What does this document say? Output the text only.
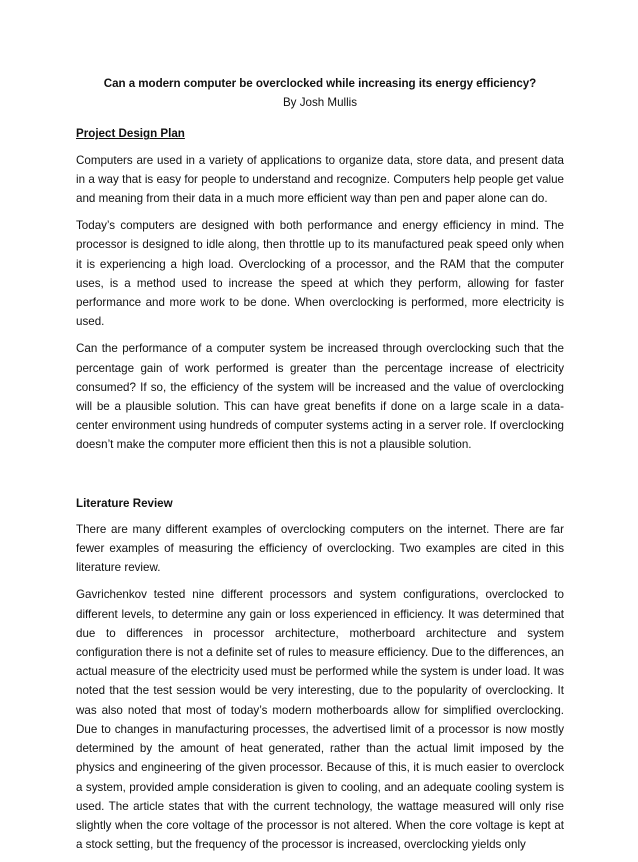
Can a modern computer be overclocked while increasing its energy efficiency?

By Josh Mullis

Project Design Plan

Computers are used in a variety of applications to organize data, store data, and present data in a way that is easy for people to understand and recognize. Computers help people get value and meaning from their data in a much more efficient way than pen and paper alone can do.

Today’s computers are designed with both performance and energy efficiency in mind. The processor is designed to idle along, then throttle up to its manufactured peak speed only when it is experiencing a high load. Overclocking of a processor, and the RAM that the computer uses, is a method used to increase the speed at which they perform, allowing for faster performance and more work to be done. When overclocking is performed, more electricity is used.

Can the performance of a computer system be increased through overclocking such that the percentage gain of work performed is greater than the percentage increase of electricity consumed? If so, the efficiency of the system will be increased and the value of overclocking will be a plausible solution. This can have great benefits if done on a large scale in a data-center environment using hundreds of computer systems acting in a server role. If overclocking doesn’t make the computer more efficient then this is not a plausible solution.

Literature Review

There are many different examples of overclocking computers on the internet. There are far fewer examples of measuring the efficiency of overclocking. Two examples are cited in this literature review.

Gavrichenkov tested nine different processors and system configurations, overclocked to different levels, to determine any gain or loss experienced in efficiency. It was determined that due to differences in processor architecture, motherboard architecture and system configuration there is not a definite set of rules to measure efficiency. Due to the differences, an actual measure of the electricity used must be performed while the system is under load. It was noted that the test session would be very interesting, due to the popularity of overclocking. It was also noted that most of today’s modern motherboards allow for simplified overclocking. Due to changes in manufacturing processes, the advertised limit of a processor is now mostly determined by the amount of heat generated, rather than the actual limit imposed by the physics and engineering of the given processor. Because of this, it is much easier to overclock a system, provided ample consideration is given to cooling, and an adequate cooling system is used. The article states that with the current technology, the wattage measured will only rise slightly when the core voltage of the processor is not altered. When the core voltage is kept at a stock setting, but the frequency of the processor is increased, overclocking yields only
